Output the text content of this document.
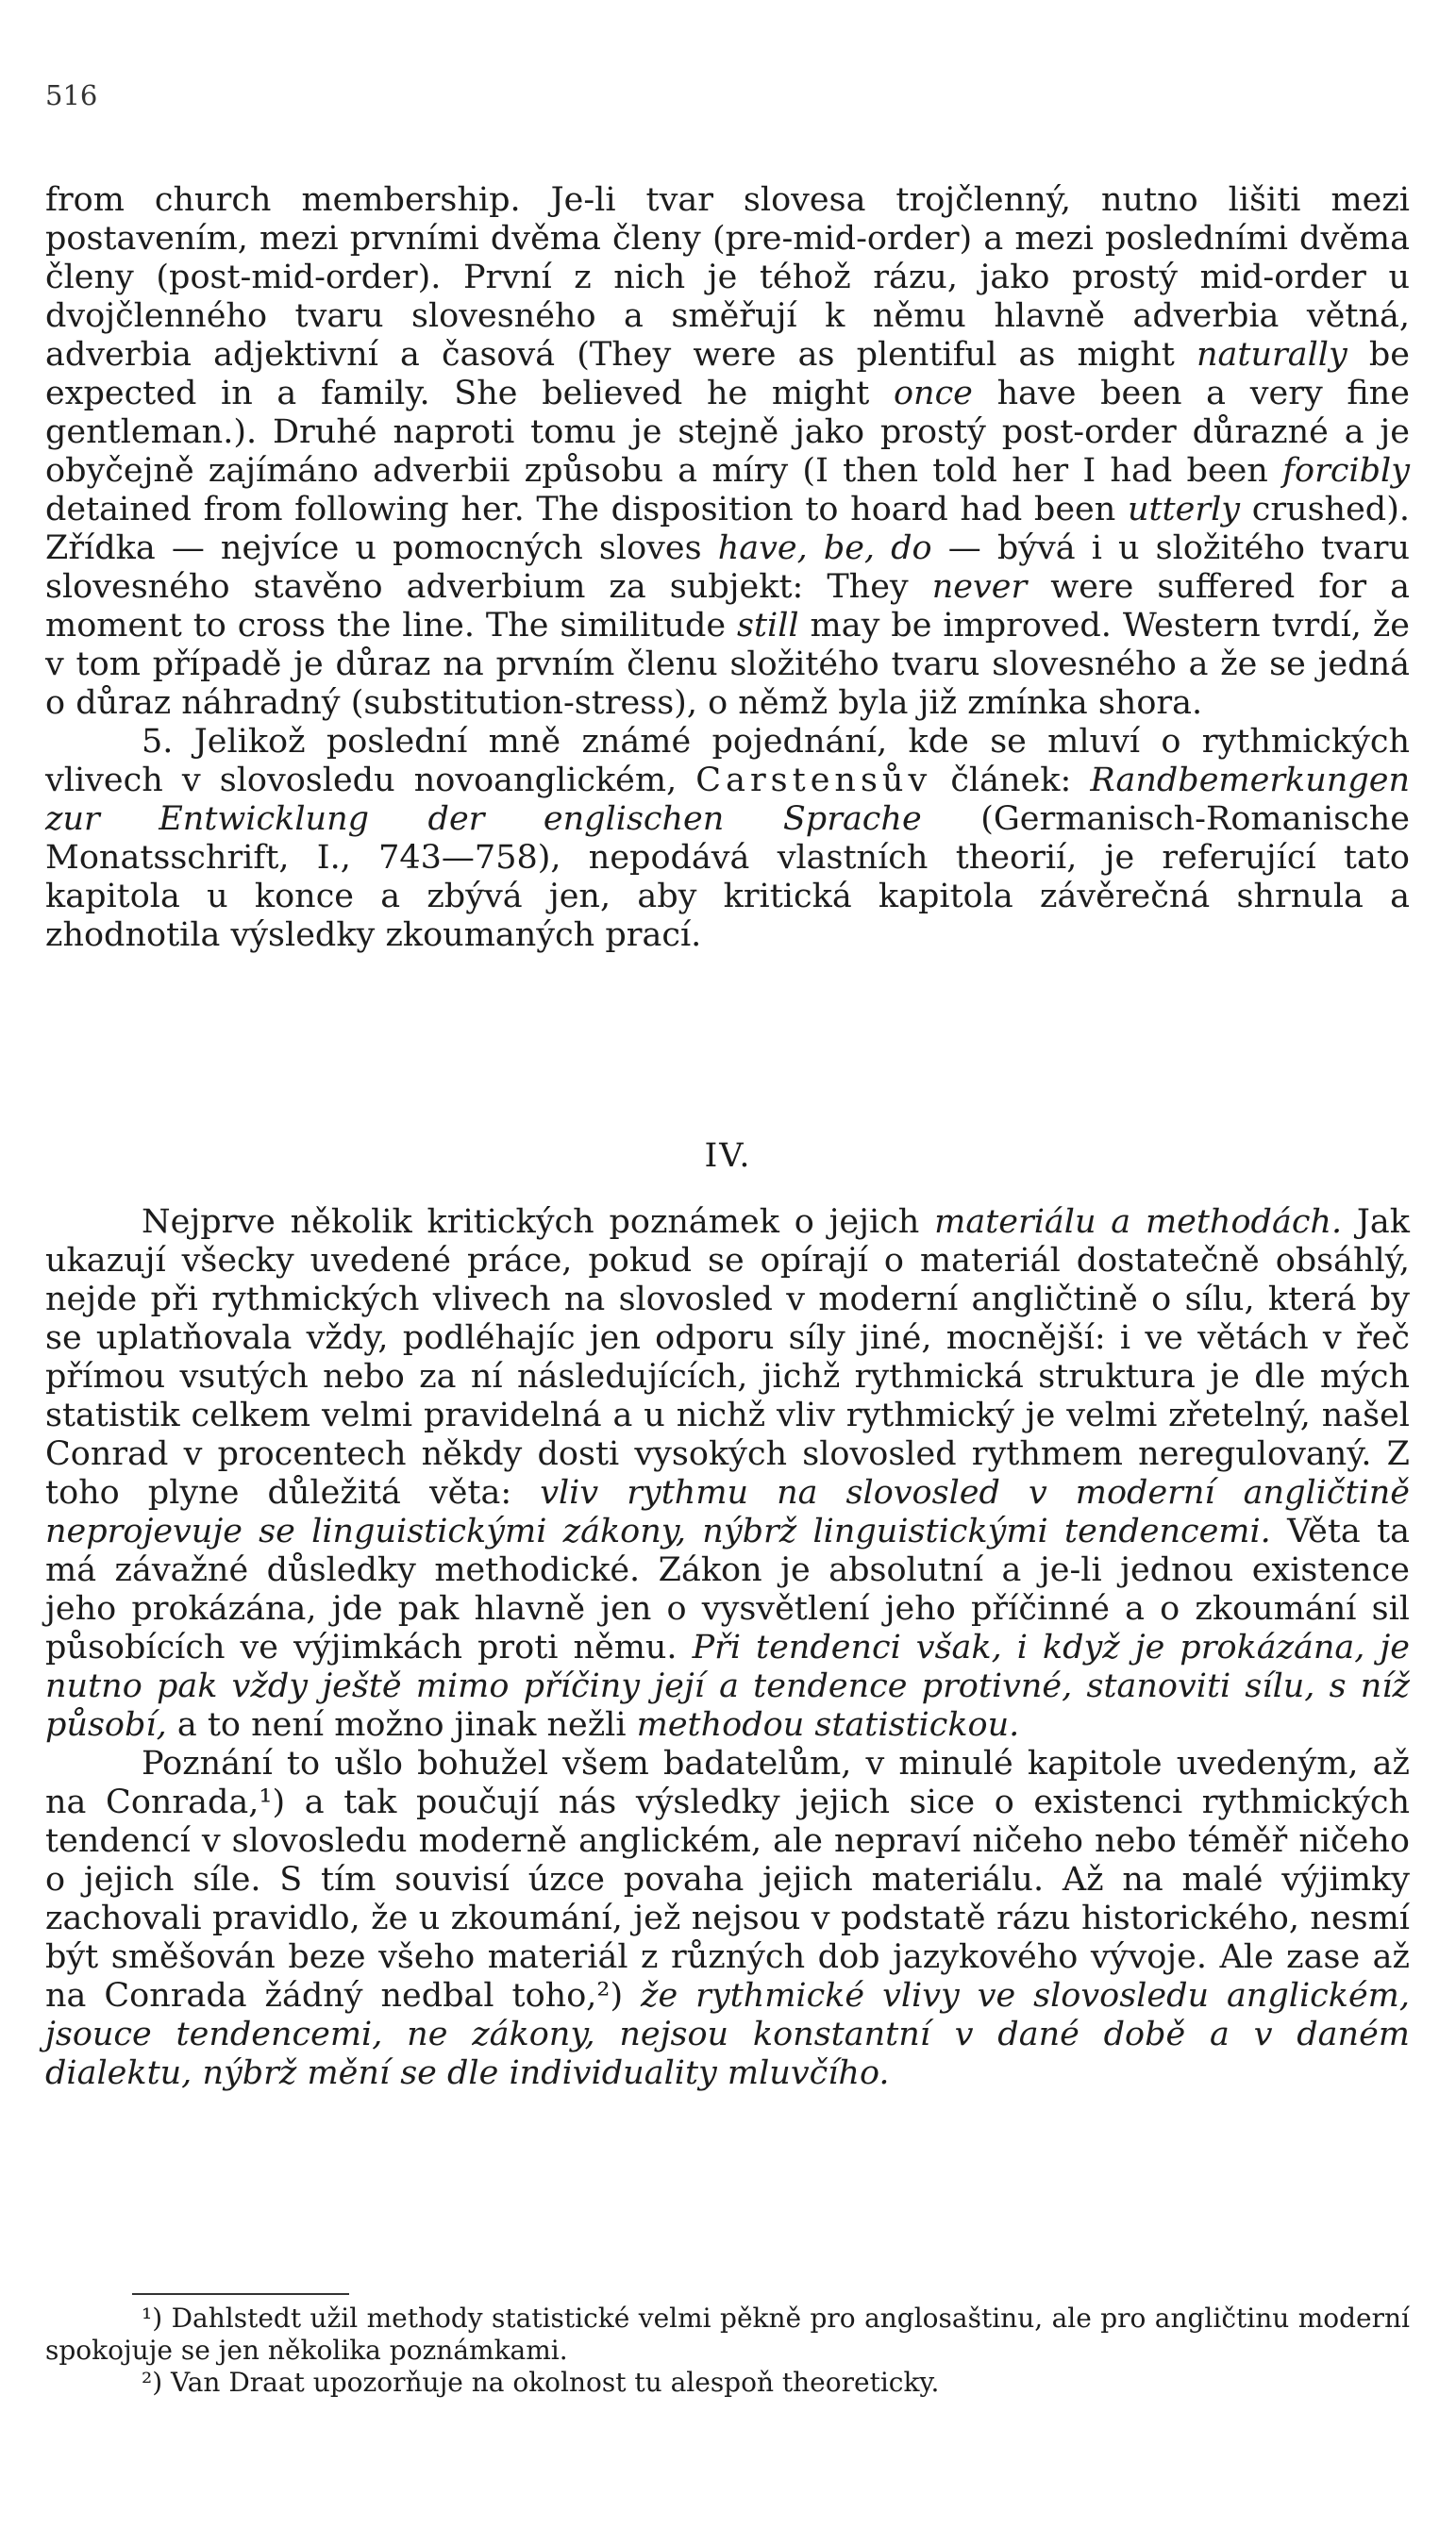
516

from church membership. Je-li tvar slovesa trojčlenný, nutno lišiti mezi postavením, mezi prvními dvěma členy (pre-mid-order) a mezi posledními dvěma členy (post-mid-order). První z nich je téhož rázu, jako prostý mid-order u dvojčlenného tvaru slovesného a směřují k němu hlavně adverbia větná, adverbia adjektivní a časová (They were as plentiful as might naturally be expected in a family. She believed he might once have been a very fine gentleman.). Druhé naproti tomu je stejně jako prostý post-order důrazné a je obyčejně zajímáno adverbii způsobu a míry (I then told her I had been forcibly detained from following her. The disposition to hoard had been utterly crushed). Zřídka — nejvíce u pomocných sloves have, be, do — bývá i u složitého tvaru slovesného stavěno adverbium za subjekt: They never were suffered for a moment to cross the line. The similitude still may be improved. Western tvrdí, že v tom případě je důraz na prvním členu složitého tvaru slovesného a že se jedná o důraz náhradný (substitution-stress), o němž byla již zmínka shora.

5. Jelikož poslední mně známé pojednání, kde se mluví o rythmických vlivech v slovosledu novoanglickém, Carstensův článek: Randbemerkungen zur Entwicklung der englischen Sprache (Germanisch-Romanische Monatsschrift, I., 743—758), nepodává vlastních theorií, je referující tato kapitola u konce a zbývá jen, aby kritická kapitola závěrečná shrnula a zhodnotila výsledky zkoumaných prací.

IV.

Nejprve několik kritických poznámek o jejich materiálu a methodách. Jak ukazují všecky uvedené práce, pokud se opírají o materiál dostatečně obsáhlý, nejde při rythmických vlivech na slovosled v moderní angličtině o sílu, která by se uplatňovala vždy, podléhajíc jen odporu síly jiné, mocnější: i ve větách v řeč přímou vsutých nebo za ní následujících, jichž rythmická struktura je dle mých statistik celkem velmi pravidelná a u nichž vliv rythmický je velmi zřetelný, našel Conrad v procentech někdy dosti vysokých slovosled rythmem neregulovaný. Z toho plyne důležitá věta: vliv rythmu na slovosled v moderní angličtině neprojevuje se linguistickými zákony, nýbrž linguistickými tendencemi. Věta ta má závažné důsledky methodické. Zákon je absolutní a je-li jednou existence jeho prokázána, jde pak hlavně jen o vysvětlení jeho příčinné a o zkoumání sil působících ve výjimkách proti němu. Při tendenci však, i když je prokázána, je nutno pak vždy ještě mimo příčiny její a tendence protivné, stanoviti sílu, s níž působí, a to není možno jinak nežli methodou statistickou.

Poznání to ušlo bohužel všem badatelům, v minulé kapitole uvedeným, až na Conrada,¹) a tak poučují nás výsledky jejich sice o existenci rythmických tendencí v slovosledu moderně anglickém, ale nepraví ničeho nebo téměř ničeho o jejich síle. S tím souvisí úzce povaha jejich materiálu. Až na malé výjimky zachovali pravidlo, že u zkoumání, jež nejsou v podstatě rázu historického, nesmí být směšován beze všeho materiál z různých dob jazykového vývoje. Ale zase až na Conrada žádný nedbal toho,²) že rythmické vlivy ve slovosledu anglickém, jsouce tendencemi, ne zákony, nejsou konstantní v dané době a v daném dialektu, nýbrž mění se dle individuality mluvčího.

¹) Dahlstedt užil methody statistické velmi pěkně pro anglosaštinu, ale pro angličtinu moderní spokojuje se jen několika poznámkami.

²) Van Draat upozorňuje na okolnost tu alespoň theoreticky.
